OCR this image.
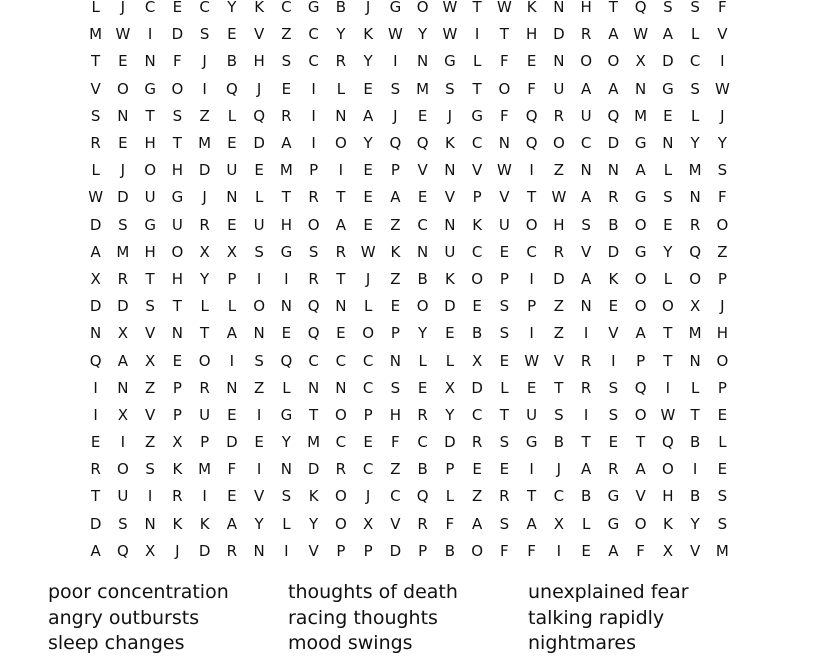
L	J	C	E	C	Y	K	C	G	B	J	G	O W	T	W K	N	H	T	Q	S	S	F
M W	I	D	S	E	V	Z	C	Y	K W	Y	W	I	T	H	D	R	A W A	L	V
T	E	N	F	J	B	H	S	C	R	Y	I	N	G	L	F	E	N	O	O	X	D	C	I
V	O	G	O	I	Q	J	E	I	L	E	S	M	S	T	O	F	U	A	A	N	G	S	W
S	N	T	S	Z	L	Q	R	I	N	A	J	E	J	G	F	Q	R	U	Q M	E	L	J
R	E	H	T	M	E	D	A	I	O	Y	Q	Q	K	C	N	Q	O	C	D	G	N	Y	Y
L	J	O	H	D	U	E	M	P	I	E	P	V	N	V W	I	Z	N	N	A	L	M	S
W D	U	G	J	N	L	T	R	T	E	A	E	V	P	V	T	W A	R	G	S	N	F
D	S	G	U	R	E	U	H	O	A	E	Z	C	N	K	U	O	H	S	B	O	E	R	O
A	M	H	O	X	X	S	G	S	R W K	N	U	C	E	C	R	V	D	G	Y	Q	Z
X	R	T	H	Y	P	I	I	R	T	J	Z	B	K	O	P	I	D	A	K	O	L	O	P
D	D	S	T	L	L	O	N	Q	N	L	E	O	D	E	S	P	Z	N	E	O	O	X	J
N	X	V	N	T	A	N	E	Q	E	O	P	Y	E	B	S	I	Z	I	V	A	T	M	H
Q	A	X	E	O	I	S	Q	C	C	C	N	L	L	X	E	W V	R	I	P	T	N	O
I	N	Z	P	R	N	Z	L	N	N	C	S	E	X	D	L	E	T	R	S	Q	I	L	P
I	X	V	P	U	E	I	G	T	O	P	H	R	Y	C	T	U	S	I	S	O W	T	E
E	I	Z	X	P	D	E	Y	M	C	E	F	C	D	R	S	G	B	T	E	T	Q	B	L
R	O	S	K	M	F	I	N	D	R	C	Z	B	P	E	E	I	J	A	R	A	O	I	E
T	U	I	R	I	E	V	S	K	O	J	C	Q	L	Z	R	T	C	B	G	V	H	B	S
D	S	N	K	K	A	Y	L	Y	O	X	V	R	F	A	S	A	X	L	G	O	K	Y	S
A	Q	X	J	D	R	N	I	V	P	P	D	P	B	O	F	F	I	E	A	F	X	V	M
poor concentration
angry outbursts
sleep changes
thoughts of death
racing thoughts
mood swings
unexplained fear
talking rapidly
nightmares
